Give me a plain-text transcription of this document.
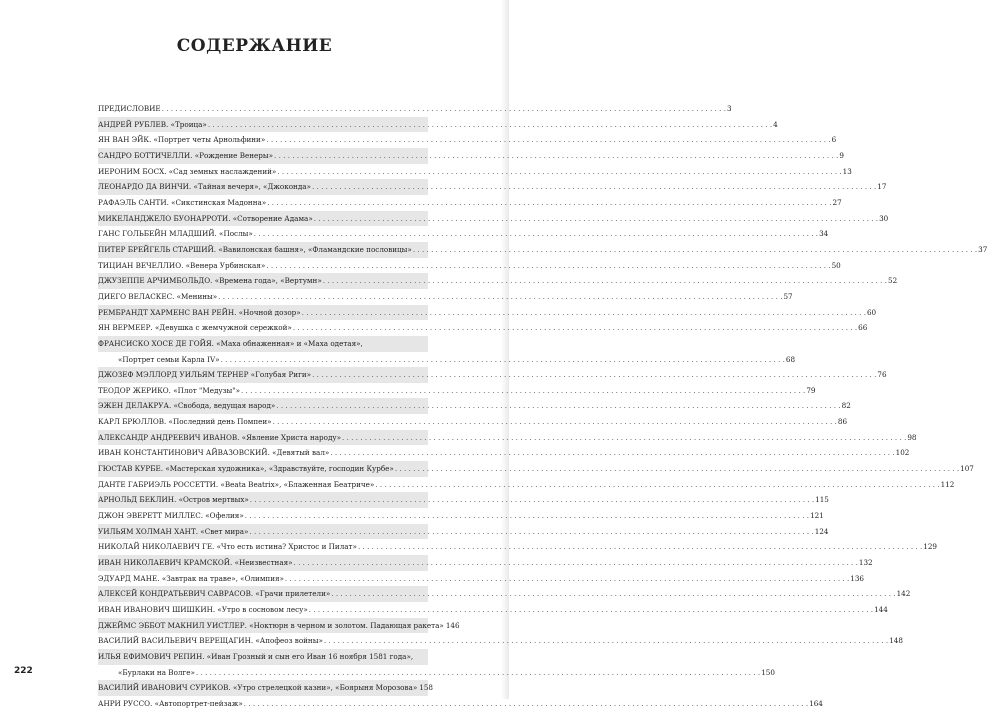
СОДЕРЖАНИЕ
ПРЕДИСЛОВИЕ . . .	3
АНДРЕЙ РУБЛЕВ. «Троица» . . .	4
ЯН ВАН ЭЙК. «Портрет четы Арнольфини» . . .	6
САНДРО БОТТИЧЕЛЛИ. «Рождение Венеры» . . .	9
ИЕРОНИМ БОСХ. «Сад земных наслаждений» . . .	13
ЛЕОНАРДО ДА ВИНЧИ. «Тайная вечеря», «Джоконда» . . .	17
РАФАЭЛЬ САНТИ. «Сикстинская Мадонна» . . .	27
МИКЕЛАНДЖЕЛО БУОНАРРОТИ. «Сотворение Адама» . . .	30
ГАНС ГОЛЬБЕЙН МЛАДШИЙ. «Послы» . . .	34
ПИТЕР БРЕЙГЕЛЬ СТАРШИЙ. «Вавилонская башня», «Фламандские пословицы» . . .	37
ТИЦИАН ВЕЧЕЛЛИО. «Венера Урбинская» . . .	50
ДЖУЗЕППЕ АРЧИМБОЛЬДО. «Времена года», «Вертумн» . . .	52
ДИЕГО ВЕЛАСКЕС. «Менины» . . .	57
РЕМБРАНДТ ХАРМЕНС ВАН РЕЙН. «Ночной дозор» . . .	60
ЯН ВЕРМЕЕР. «Девушка с жемчужной сережкой» . . .	66
ФРАНСИСКО ХОСЕ ДЕ ГОЙЯ. «Маха обнаженная» и «Маха одетая»,
«Портрет семьи Карла IV» . . .	68
ДЖОЗЕФ МЭЛЛОРД УИЛЬЯМ ТЕРНЕР «Голубая Риги» . . .	76
ТЕОДОР ЖЕРИКО. «Плот "Медузы"» . . .	79
ЭЖЕН ДЕЛАКРУА. «Свобода, ведущая народ» . . .	82
КАРЛ БРЮЛЛОВ. «Последний день Помпеи» . . .	86
АЛЕКСАНДР АНДРЕЕВИЧ ИВАНОВ. «Явление Христа народу» . . .	98
ИВАН КОНСТАНТИНОВИЧ АЙВАЗОВСКИЙ. «Девятый вал» . . .	102
ГЮСТАВ КУРБЕ. «Мастерская художника», «Здравствуйте, господин Курбе» . . .	107
ДАНТЕ ГАБРИЭЛЬ РОССЕТТИ. «Beata Beatrix», «Блаженная Беатриче» . . .	112
АРНОЛЬД БЕКЛИН. «Остров мертвых» . . .	115
ДЖОН ЭВЕРЕТТ МИЛЛЕС. «Офелия» . . .	121
УИЛЬЯМ ХОЛМАН ХАНТ. «Свет мира» . . .	124
НИКОЛАЙ НИКОЛАЕВИЧ ГЕ. «Что есть истина? Христос и Пилат» . . .	129
ИВАН НИКОЛАЕВИЧ КРАМСКОЙ. «Неизвестная» . . .	132
ЭДУАРД МАНЕ. «Завтрак на траве», «Олимпия» . . .	136
АЛЕКСЕЙ КОНДРАТЬЕВИЧ САВРАСОВ. «Грачи прилетели» . . .	142
ИВАН ИВАНОВИЧ ШИШКИН. «Утро в сосновом лесу» . . .	144
ДЖЕЙМС ЭББОТ МАКНИЛ УИСТЛЕР. «Ноктюрн в черном и золотом. Падающая ракета» 146
ВАСИЛИЙ ВАСИЛЬЕВИЧ ВЕРЕЩАГИН. «Апофеоз войны» . . .	148
ИЛЬЯ ЕФИМОВИЧ РЕПИН. «Иван Грозный и сын его Иван 16 ноября 1581 года»,
«Бурлаки на Волге» . . .	150
ВАСИЛИЙ ИВАНОВИЧ СУРИКОВ. «Утро стрелецкой казни», «Боярыня Морозова» 158
АНРИ РУССО. «Автопортрет-пейзаж» . . .	164
222
